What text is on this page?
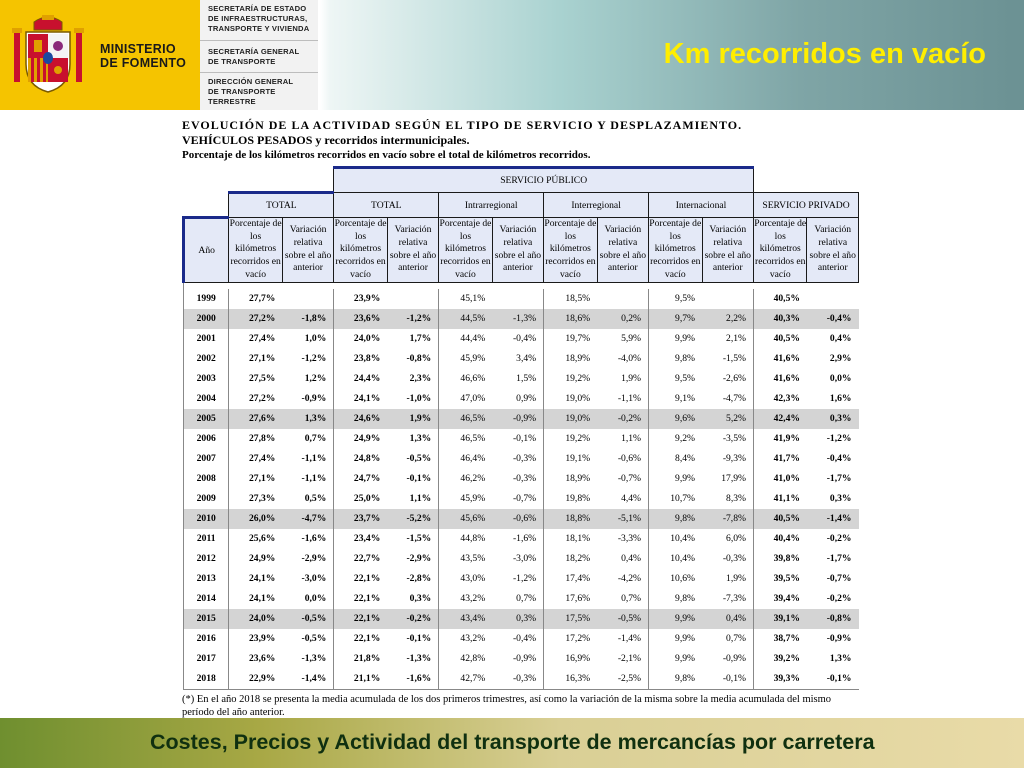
MINISTERIO
DE FOMENTO
SECRETARÍA DE ESTADO
DE INFRAESTRUCTURAS,
TRANSPORTE Y VIVIENDA
SECRETARÍA GENERAL
DE TRANSPORTE
DIRECCIÓN GENERAL
DE TRANSPORTE
TERRESTRE
Km recorridos en vacío
EVOLUCIÓN DE LA ACTIVIDAD SEGÚN EL TIPO DE SERVICIO Y DESPLAZAMIENTO.
VEHÍCULOS PESADOS y recorridos intermunicipales.
Porcentaje de los kilómetros recorridos en vacío sobre el total de kilómetros recorridos.
			SERVICIO PÚBLICO									
	TOTAL		TOTAL		Intrarregional		Interregional		Internacional		SERVICIO PRIVADO	
Año	Porcentaje de los kilómetros recorridos en vacío	Variación relativa sobre el año anterior	Porcentaje de los kilómetros recorridos en vacío	Variación relativa sobre el año anterior	Porcentaje de los kilómetros recorridos en vacío	Variación relativa sobre el año anterior	Porcentaje de los kilómetros recorridos en vacío	Variación relativa sobre el año anterior	Porcentaje de los kilómetros recorridos en vacío	Variación relativa sobre el año anterior	Porcentaje de los kilómetros recorridos en vacío	Variación relativa sobre el año anterior

1999	27,7%		23,9%		45,1%		18,5%		9,5%		40,5%	
2000	27,2%	-1,8%	23,6%	-1,2%	44,5%	-1,3%	18,6%	0,2%	9,7%	2,2%	40,3%	-0,4%
2001	27,4%	1,0%	24,0%	1,7%	44,4%	-0,4%	19,7%	5,9%	9,9%	2,1%	40,5%	0,4%
2002	27,1%	-1,2%	23,8%	-0,8%	45,9%	3,4%	18,9%	-4,0%	9,8%	-1,5%	41,6%	2,9%
2003	27,5%	1,2%	24,4%	2,3%	46,6%	1,5%	19,2%	1,9%	9,5%	-2,6%	41,6%	0,0%
2004	27,2%	-0,9%	24,1%	-1,0%	47,0%	0,9%	19,0%	-1,1%	9,1%	-4,7%	42,3%	1,6%
2005	27,6%	1,3%	24,6%	1,9%	46,5%	-0,9%	19,0%	-0,2%	9,6%	5,2%	42,4%	0,3%
2006	27,8%	0,7%	24,9%	1,3%	46,5%	-0,1%	19,2%	1,1%	9,2%	-3,5%	41,9%	-1,2%
2007	27,4%	-1,1%	24,8%	-0,5%	46,4%	-0,3%	19,1%	-0,6%	8,4%	-9,3%	41,7%	-0,4%
2008	27,1%	-1,1%	24,7%	-0,1%	46,2%	-0,3%	18,9%	-0,7%	9,9%	17,9%	41,0%	-1,7%
2009	27,3%	0,5%	25,0%	1,1%	45,9%	-0,7%	19,8%	4,4%	10,7%	8,3%	41,1%	0,3%
2010	26,0%	-4,7%	23,7%	-5,2%	45,6%	-0,6%	18,8%	-5,1%	9,8%	-7,8%	40,5%	-1,4%
2011	25,6%	-1,6%	23,4%	-1,5%	44,8%	-1,6%	18,1%	-3,3%	10,4%	6,0%	40,4%	-0,2%
2012	24,9%	-2,9%	22,7%	-2,9%	43,5%	-3,0%	18,2%	0,4%	10,4%	-0,3%	39,8%	-1,7%
2013	24,1%	-3,0%	22,1%	-2,8%	43,0%	-1,2%	17,4%	-4,2%	10,6%	1,9%	39,5%	-0,7%
2014	24,1%	0,0%	22,1%	0,3%	43,2%	0,7%	17,6%	0,7%	9,8%	-7,3%	39,4%	-0,2%
2015	24,0%	-0,5%	22,1%	-0,2%	43,4%	0,3%	17,5%	-0,5%	9,9%	0,4%	39,1%	-0,8%
2016	23,9%	-0,5%	22,1%	-0,1%	43,2%	-0,4%	17,2%	-1,4%	9,9%	0,7%	38,7%	-0,9%
2017	23,6%	-1,3%	21,8%	-1,3%	42,8%	-0,9%	16,9%	-2,1%	9,9%	-0,9%	39,2%	1,3%
2018	22,9%	-1,4%	21,1%	-1,6%	42,7%	-0,3%	16,3%	-2,5%	9,8%	-0,1%	39,3%	-0,1%
(*) En el año 2018 se presenta la media acumulada de los dos primeros trimestres, así como la variación de la misma sobre la media acumulada del mismo período del año anterior.
Costes, Precios y Actividad del transporte de mercancías por carretera
